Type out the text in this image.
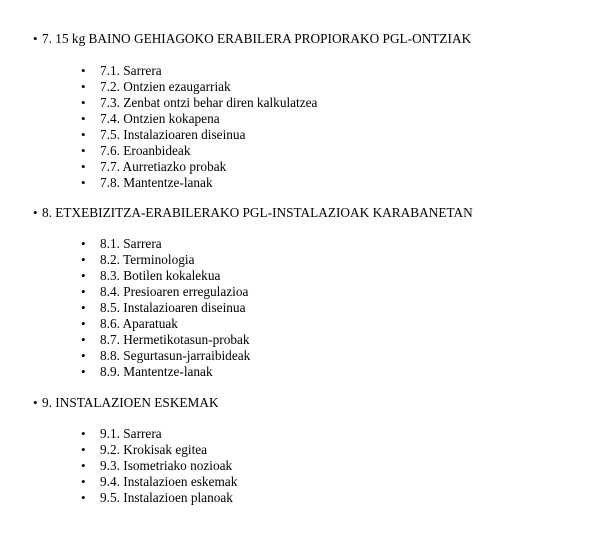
• 7. 15 kg BAINO GEHIAGOKO ERABILERA PROPIORAKO PGL-ONTZIAK
• 7.1. Sarrera
• 7.2. Ontzien ezaugarriak
• 7.3. Zenbat ontzi behar diren kalkulatzea
• 7.4. Ontzien kokapena
• 7.5. Instalazioaren diseinua
• 7.6. Eroanbideak
• 7.7. Aurretiazko probak
• 7.8. Mantentze-lanak
• 8. ETXEBIZITZA-ERABILERAKO PGL-INSTALAZIOAK KARABANETAN
• 8.1. Sarrera
• 8.2. Terminologia
• 8.3. Botilen kokalekua
• 8.4. Presioaren erregulazioa
• 8.5. Instalazioaren diseinua
• 8.6. Aparatuak
• 8.7. Hermetikotasun-probak
• 8.8. Segurtasun-jarraibideak
• 8.9. Mantentze-lanak
• 9. INSTALAZIOEN ESKEMAK
• 9.1. Sarrera
• 9.2. Krokisak egitea
• 9.3. Isometriako nozioak
• 9.4. Instalazioen eskemak
• 9.5. Instalazioen planoak
